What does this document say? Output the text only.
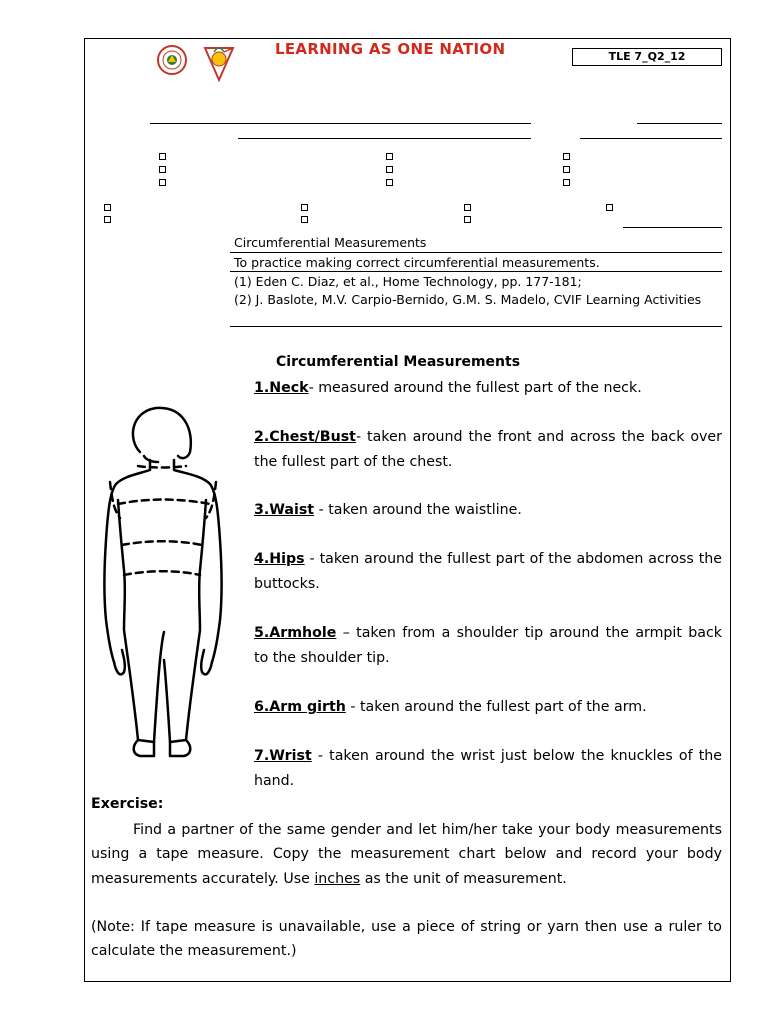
LEARNING AS ONE NATION	TLE 7_Q2_12
Circumferential Measurements
To practice making correct circumferential measurements.
(1) Eden C. Diaz, et al., Home Technology, pp. 177-181;
(2) J. Baslote, M.V. Carpio-Bernido, G.M. S. Madelo, CVIF Learning Activities
Circumferential Measurements
1.Neck- measured around the fullest part of the neck.
2.Chest/Bust- taken around the front and across the back over the fullest part of the chest.
3.Waist - taken around the waistline.
4.Hips - taken around the fullest part of the abdomen across the buttocks.
5.Armhole – taken from a shoulder tip around the armpit back to the shoulder tip.
6.Arm girth - taken around the fullest part of the arm.
7.Wrist - taken around the wrist just below the knuckles of the hand.
Exercise:
Find a partner of the same gender and let him/her take your body measurements using a tape measure. Copy the measurement chart below and record your body measurements accurately. Use inches as the unit of measurement.
(Note: If tape measure is unavailable, use a piece of string or yarn then use a ruler to calculate the measurement.)
